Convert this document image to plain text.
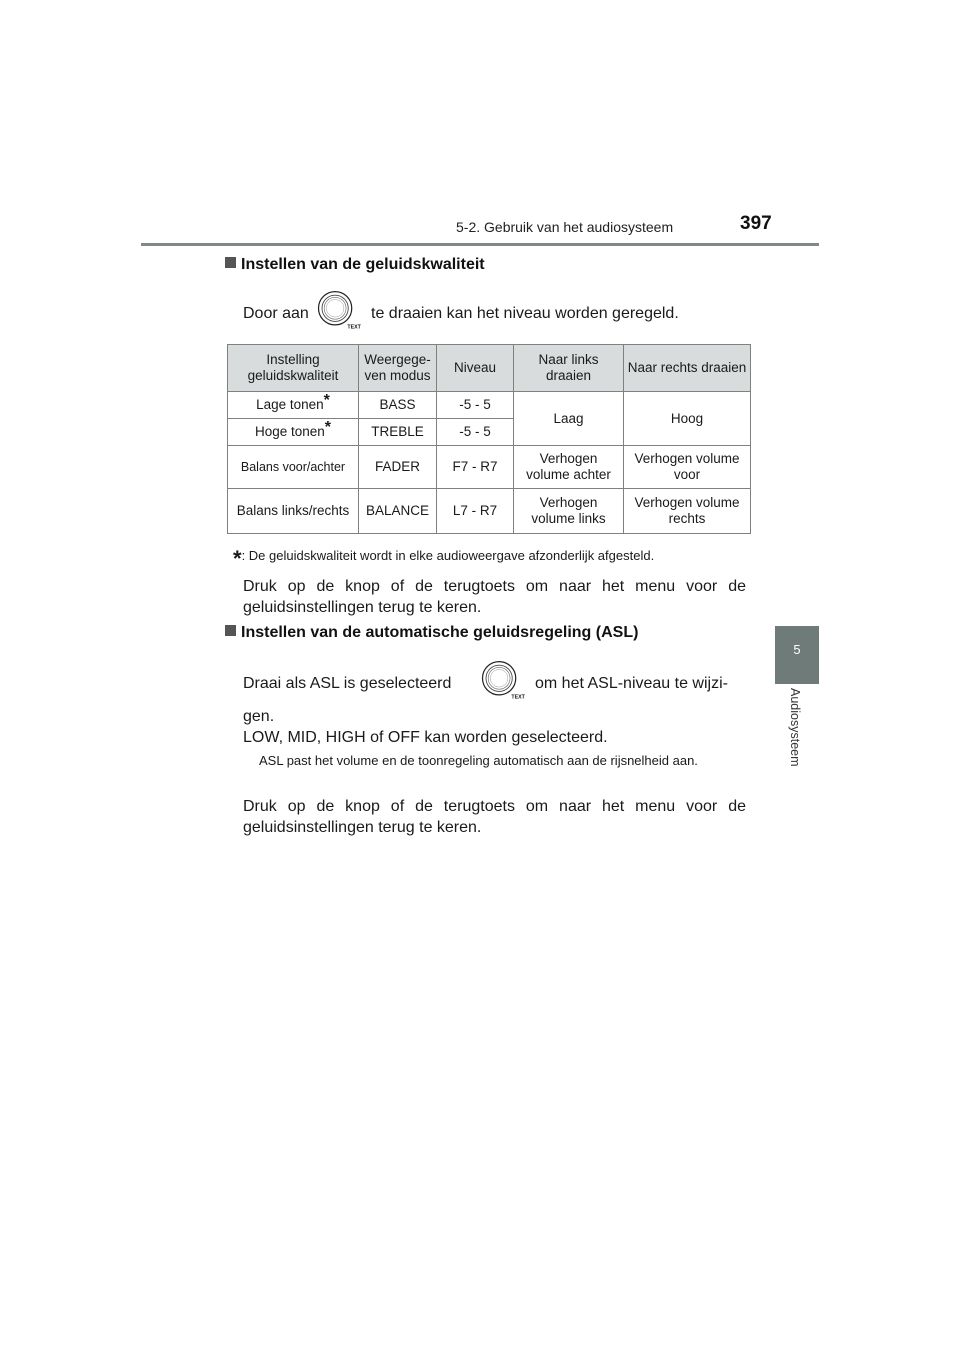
5-2. Gebruik van het audiosysteem	397
5
Audiosysteem
Instellen van de geluidskwaliteit
Door aan
TEXT
te draaien kan het niveau worden geregeld.
Instelling geluidskwaliteit	Weergege-ven modus	Niveau	Naar links draaien	Naar rechts draaien
Lage tonen*	BASS	-5 - 5	Laag	Hoog
Hoge tonen*	TREBLE	-5 - 5		
Balans voor/achter	FADER	F7 - R7	Verhogen volume achter	Verhogen volume voor
Balans links/rechts	BALANCE	L7 - R7	Verhogen volume links	Verhogen volume rechts
*: De geluidskwaliteit wordt in elke audioweergave afzonderlijk afgesteld.
Druk op de knop of de terugtoets om naar het menu voor de geluidsinstellingen terug te keren.
Instellen van de automatische geluidsregeling (ASL)
Draai als ASL is geselecteerd
TEXT
om het ASL-niveau te wijzi-
gen.
LOW, MID, HIGH of OFF kan worden geselecteerd.
ASL past het volume en de toonregeling automatisch aan de rijsnelheid aan.
Druk op de knop of de terugtoets om naar het menu voor de geluidsinstellingen terug te keren.
